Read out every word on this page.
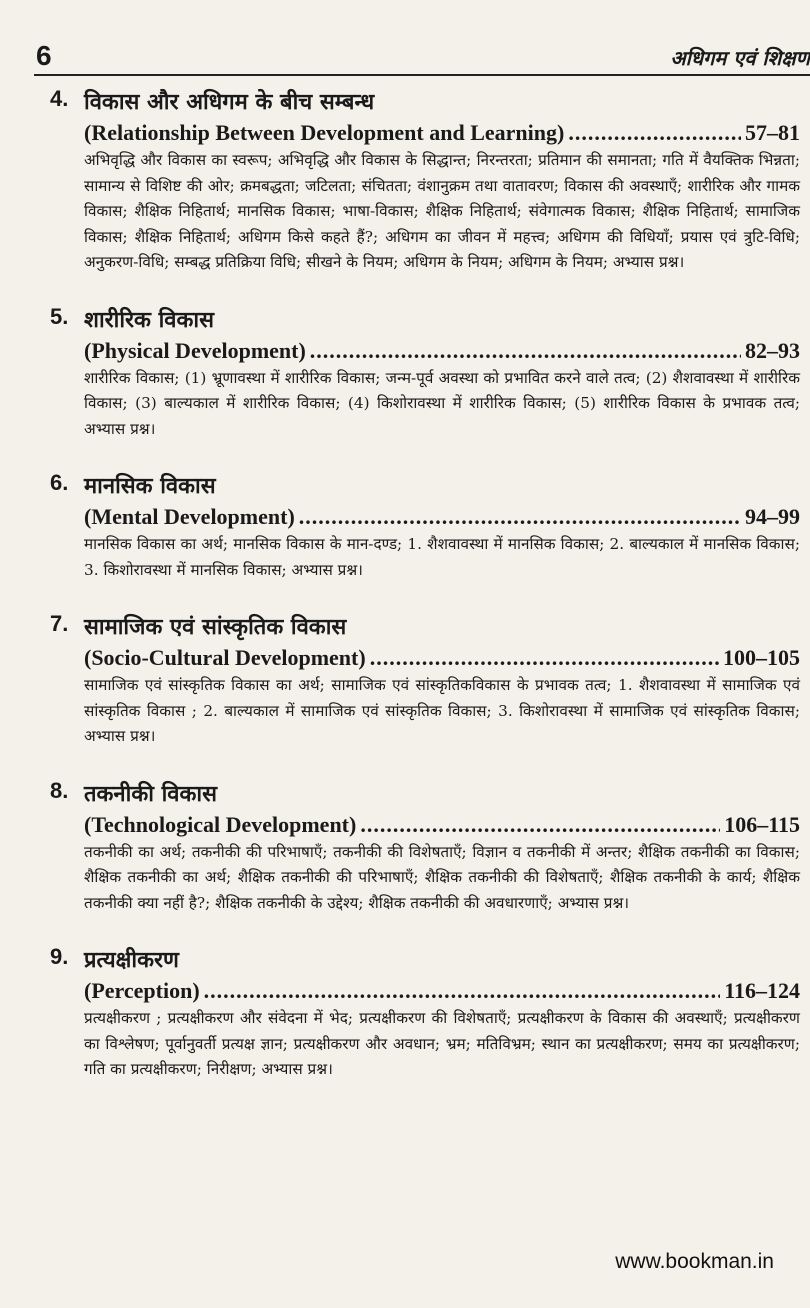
6	अधिगम एवं शिक्षण
4. विकास और अधिगम के बीच सम्बन्ध
(Relationship Between Development and Learning) .....	57–81

अभिवृद्धि और विकास का स्वरूप; अभिवृद्धि और विकास के सिद्धान्त; निरन्तरता; प्रतिमान की समानता; गति में वैयक्तिक भिन्नता; सामान्य से विशिष्ट की ओर; क्रमबद्धता; जटिलता; संचितता; वंशानुक्रम तथा वातावरण; विकास की अवस्थाएँ; शारीरिक और गामक विकास; शैक्षिक निहितार्थ; मानसिक विकास; भाषा-विकास; शैक्षिक निहितार्थ; संवेगात्मक विकास; शैक्षिक निहितार्थ; सामाजिक विकास; शैक्षिक निहितार्थ; अधिगम किसे कहते हैं?; अधिगम का जीवन में महत्त्व; अधिगम की विधियाँ; प्रयास एवं त्रुटि-विधि; अनुकरण-विधि; सम्बद्ध प्रतिक्रिया विधि; सीखने के नियम; अधिगम के नियम; अधिगम के नियम; अभ्यास प्रश्न।

5. शारीरिक विकास
(Physical Development) .....	82–93

शारीरिक विकास; (1) भ्रूणावस्था में शारीरिक विकास; जन्म-पूर्व अवस्था को प्रभावित करने वाले तत्व; (2) शैशवावस्था में शारीरिक विकास; (3) बाल्यकाल में शारीरिक विकास; (4) किशोरावस्था में शारीरिक विकास; (5) शारीरिक विकास के प्रभावक तत्व; अभ्यास प्रश्न।

6. मानसिक विकास
(Mental Development) .....	94–99

मानसिक विकास का अर्थ; मानसिक विकास के मान-दण्ड; 1. शैशवावस्था में मानसिक विकास; 2. बाल्यकाल में मानसिक विकास; 3. किशोरावस्था में मानसिक विकास; अभ्यास प्रश्न।

7. सामाजिक एवं सांस्कृतिक विकास
(Socio-Cultural Development) .....	100–105

सामाजिक एवं सांस्कृतिक विकास का अर्थ; सामाजिक एवं सांस्कृतिकविकास के प्रभावक तत्व; 1. शैशवावस्था में सामाजिक एवं सांस्कृतिक विकास ; 2. बाल्यकाल में सामाजिक एवं सांस्कृतिक विकास; 3. किशोरावस्था में सामाजिक एवं सांस्कृतिक विकास; अभ्यास प्रश्न।

8. तकनीकी विकास
(Technological Development) .....	106–115

तकनीकी का अर्थ; तकनीकी की परिभाषाएँ; तकनीकी की विशेषताएँ; विज्ञान व तकनीकी में अन्तर; शैक्षिक तकनीकी का विकास; शैक्षिक तकनीकी का अर्थ; शैक्षिक तकनीकी की परिभाषाएँ; शैक्षिक तकनीकी की विशेषताएँ; शैक्षिक तकनीकी के कार्य; शैक्षिक तकनीकी क्या नहीं है?; शैक्षिक तकनीकी के उद्देश्य; शैक्षिक तकनीकी की अवधारणाएँ; अभ्यास प्रश्न।

9. प्रत्यक्षीकरण
(Perception) .....	116–124

प्रत्यक्षीकरण ; प्रत्यक्षीकरण और संवेदना में भेद; प्रत्यक्षीकरण की विशेषताएँ; प्रत्यक्षीकरण के विकास की अवस्थाएँ; प्रत्यक्षीकरण का विश्लेषण; पूर्वानुवर्ती प्रत्यक्ष ज्ञान; प्रत्यक्षीकरण और अवधान; भ्रम; मतिविभ्रम; स्थान का प्रत्यक्षीकरण; समय का प्रत्यक्षीकरण; गति का प्रत्यक्षीकरण; निरीक्षण; अभ्यास प्रश्न।

www.bookman.in
